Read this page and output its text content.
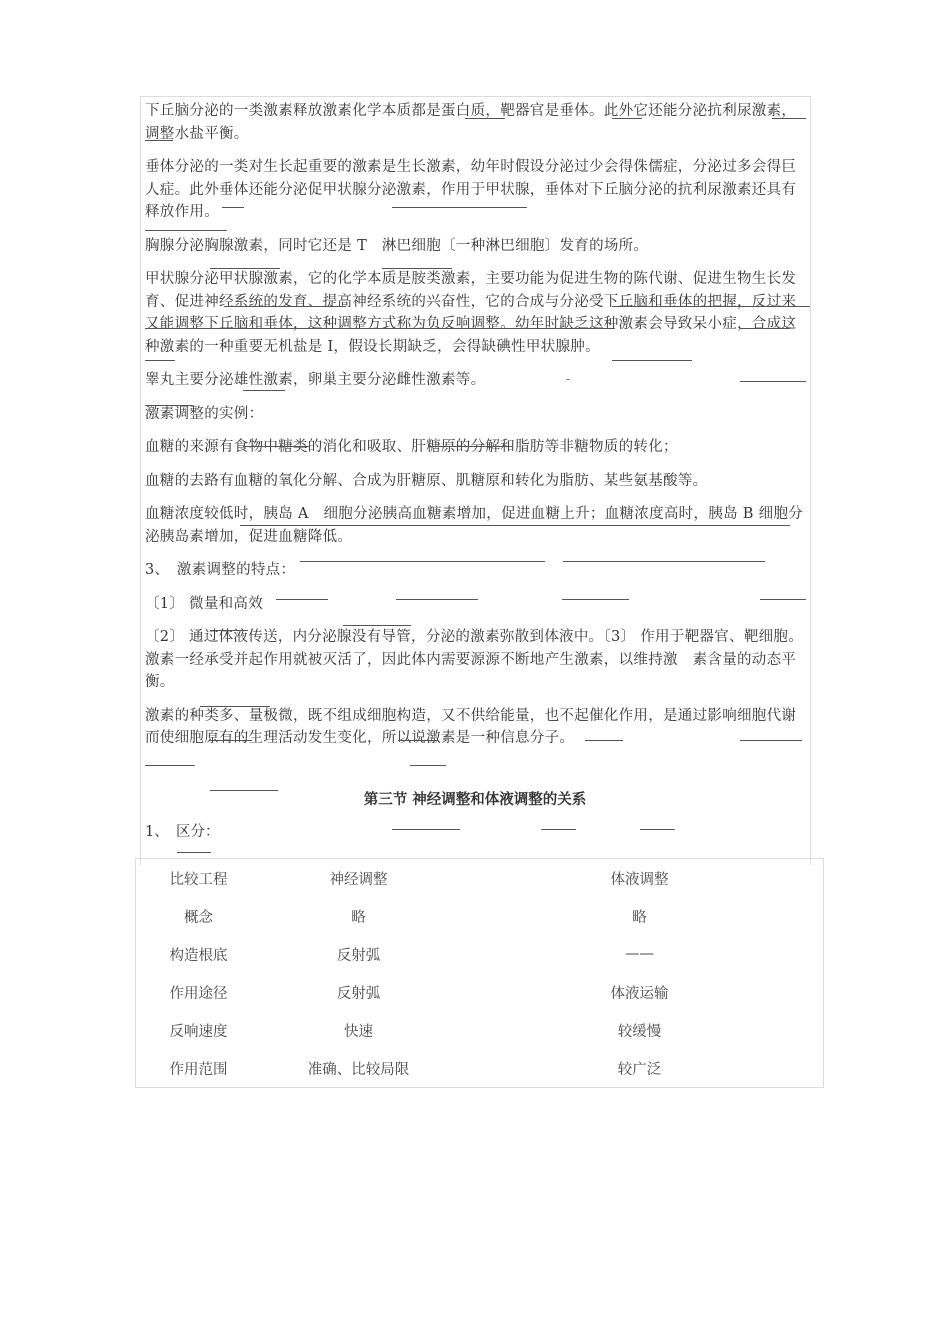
下丘脑分泌的一类激素释放激素化学本质都是蛋白质，靶器官是垂体。此外它还能分泌抗利尿激素，调整水盐平衡。

垂体分泌的一类对生长起重要的激素是生长激素，幼年时假设分泌过少会得侏儒症，分泌过多会得巨人症。此外垂体还能分泌促甲状腺分泌激素，作用于甲状腺，垂体对下丘脑分泌的抗利尿激素还具有释放作用。

胸腺分泌胸腺激素，同时它还是 T　淋巴细胞〔一种淋巴细胞〕发育的场所。

甲状腺分泌甲状腺激素，它的化学本质是胺类激素，主要功能为促进生物的陈代谢、促进生物生长发育、促进神经系统的发育、提高神经系统的兴奋性，它的合成与分泌受下丘脑和垂体的把握，反过来又能调整下丘脑和垂体，这种调整方式称为负反响调整。幼年时缺乏这种激素会导致呆小症，合成这种激素的一种重要无机盐是 I，假设长期缺乏，会得缺碘性甲状腺肿。

睾丸主要分泌雄性激素，卵巢主要分泌雌性激素等。

激素调整的实例：

血糖的来源有食物中糖类的消化和吸取、肝糖原的分解和脂肪等非糖物质的转化；

血糖的去路有血糖的氧化分解、合成为肝糖原、肌糖原和转化为脂肪、某些氨基酸等。

血糖浓度较低时，胰岛 A　细胞分泌胰高血糖素增加，促进血糖上升；血糖浓度高时，胰岛 B 细胞分泌胰岛素增加，促进血糖降低。

3、　激素调整的特点：

〔1〕 微量和高效

〔2〕 通过体液传送，内分泌腺没有导管，分泌的激素弥散到体液中。〔3〕 作用于靶器官、靶细胞。激素一经承受并起作用就被灭活了，因此体内需要源源不断地产生激素，以维持激　素含量的动态平衡。

激素的种类多、量极微，既不组成细胞构造，又不供给能量，也不起催化作用，是通过影响细胞代谢而使细胞原有的生理活动发生变化，所以说激素是一种信息分子。

-
第三节 神经调整和体液调整的关系
1、　区分：
比较工程	神经调整	体液调整
概念	略	略
构造根底	反射弧	——
作用途径	反射弧	体液运输
反响速度	快速	较缓慢
作用范围	准确、比较局限	较广泛
